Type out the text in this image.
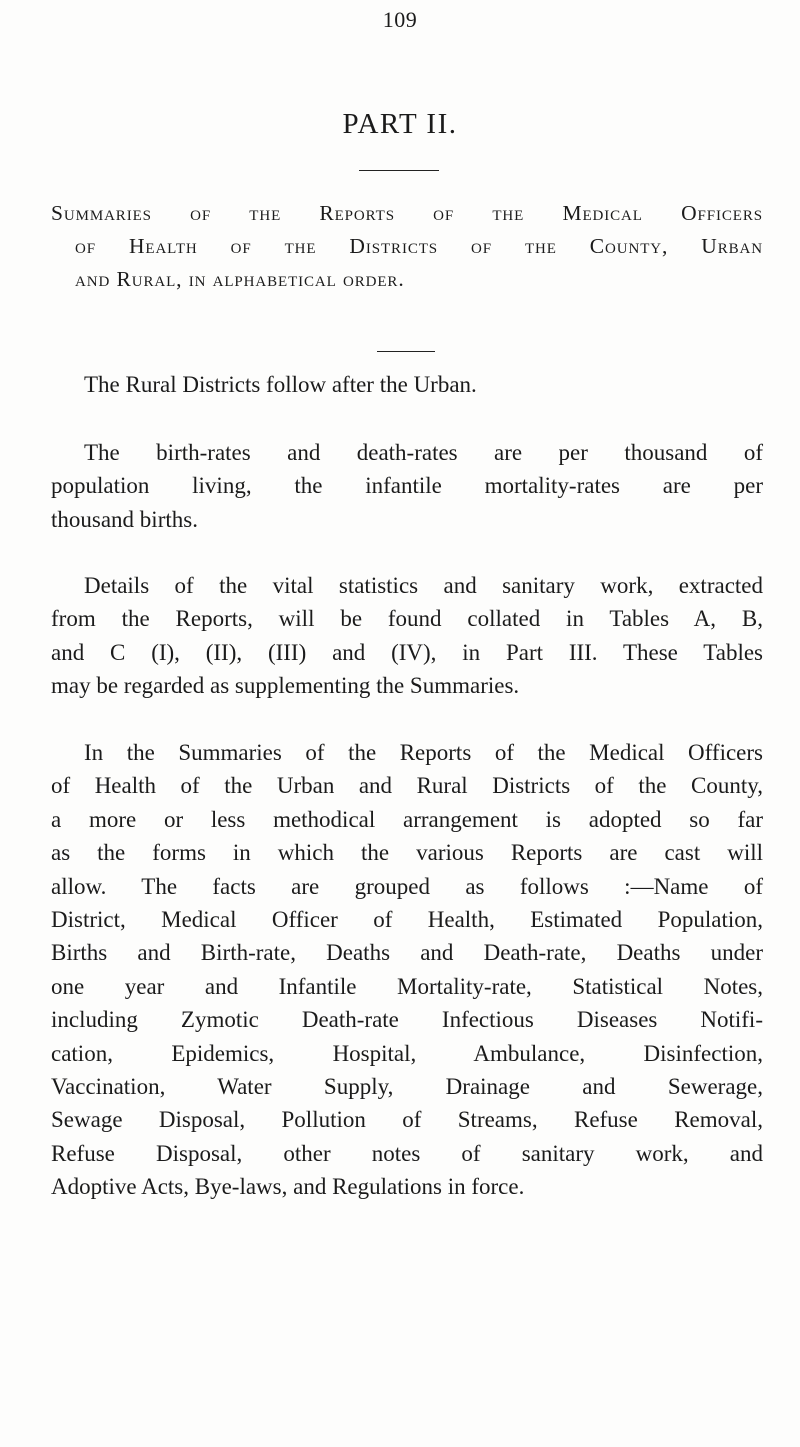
109
PART II.
Summaries of the Reports of the Medical Officers
of Health of the Districts of the County, Urban
and Rural, in alphabetical order.
The Rural Districts follow after the Urban.
The birth-rates and death-rates are per thousand of
population living, the infantile mortality-rates are per
thousand births.
Details of the vital statistics and sanitary work, extracted
from the Reports, will be found collated in Tables A, B,
and C (I), (II), (III) and (IV), in Part III. These Tables
may be regarded as supplementing the Summaries.
In the Summaries of the Reports of the Medical Officers
of Health of the Urban and Rural Districts of the County,
a more or less methodical arrangement is adopted so far
as the forms in which the various Reports are cast will
allow. The facts are grouped as follows :—Name of
District, Medical Officer of Health, Estimated Population,
Births and Birth-rate, Deaths and Death-rate, Deaths under
one year and Infantile Mortality-rate, Statistical Notes,
including Zymotic Death-rate Infectious Diseases Notifi-
cation, Epidemics, Hospital, Ambulance, Disinfection,
Vaccination, Water Supply, Drainage and Sewerage,
Sewage Disposal, Pollution of Streams, Refuse Removal,
Refuse Disposal, other notes of sanitary work, and
Adoptive Acts, Bye-laws, and Regulations in force.
